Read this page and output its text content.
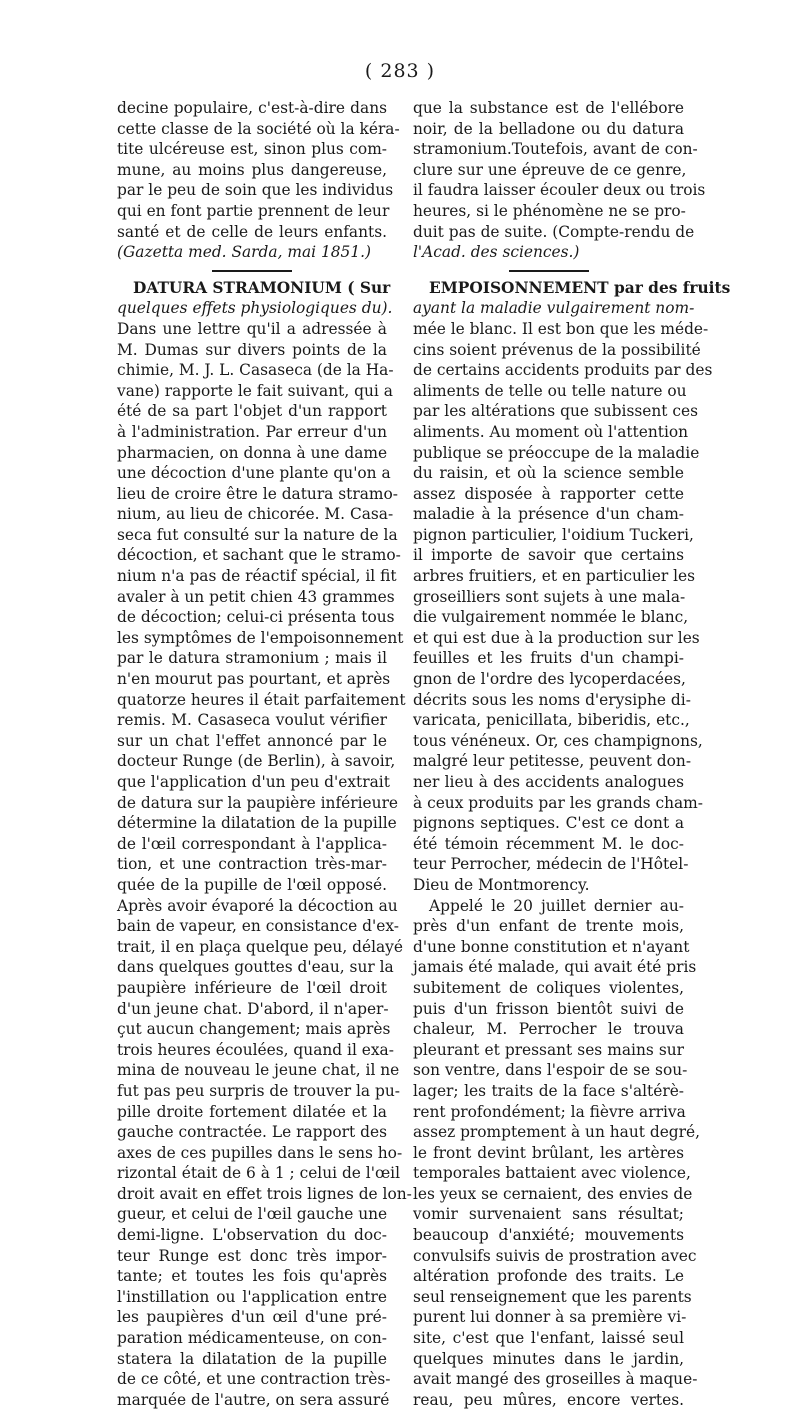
( 283 )
decine populaire, c'est-à-dire dans
cette classe de la société où la kéra-
tite ulcéreuse est, sinon plus com-
mune, au moins plus dangereuse,
par le peu de soin que les individus
qui en font partie prennent de leur
santé et de celle de leurs enfants.
(Gazetta med. Sarda, mai 1851.)
DATURA STRAMONIUM ( Sur
quelques effets physiologiques du).
Dans une lettre qu'il a adressée à
M. Dumas sur divers points de la
chimie, M. J. L. Casaseca (de la Ha-
vane) rapporte le fait suivant, qui a
été de sa part l'objet d'un rapport
à l'administration. Par erreur d'un
pharmacien, on donna à une dame
une décoction d'une plante qu'on a
lieu de croire être le datura stramo-
nium, au lieu de chicorée. M. Casa-
seca fut consulté sur la nature de la
décoction, et sachant que le stramo-
nium n'a pas de réactif spécial, il fit
avaler à un petit chien 43 grammes
de décoction; celui-ci présenta tous
les symptômes de l'empoisonnement
par le datura stramonium ; mais il
n'en mourut pas pourtant, et après
quatorze heures il était parfaitement
remis. M. Casaseca voulut vérifier
sur un chat l'effet annoncé par le
docteur Runge (de Berlin), à savoir,
que l'application d'un peu d'extrait
de datura sur la paupière inférieure
détermine la dilatation de la pupille
de l'œil correspondant à l'applica-
tion, et une contraction très-mar-
quée de la pupille de l'œil opposé.
Après avoir évaporé la décoction au
bain de vapeur, en consistance d'ex-
trait, il en plaça quelque peu, délayé
dans quelques gouttes d'eau, sur la
paupière inférieure de l'œil droit
d'un jeune chat. D'abord, il n'aper-
çut aucun changement; mais après
trois heures écoulées, quand il exa-
mina de nouveau le jeune chat, il ne
fut pas peu surpris de trouver la pu-
pille droite fortement dilatée et la
gauche contractée. Le rapport des
axes de ces pupilles dans le sens ho-
rizontal était de 6 à 1 ; celui de l'œil
droit avait en effet trois lignes de lon-
gueur, et celui de l'œil gauche une
demi-ligne. L'observation du doc-
teur Runge est donc très impor-
tante; et toutes les fois qu'après
l'instillation ou l'application entre
les paupières d'un œil d'une pré-
paration médicamenteuse, on con-
statera la dilatation de la pupille
de ce côté, et une contraction très-
marquée de l'autre, on sera assuré
que la substance est de l'ellébore
noir, de la belladone ou du datura
stramonium.Toutefois, avant de con-
clure sur une épreuve de ce genre,
il faudra laisser écouler deux ou trois
heures, si le phénomène ne se pro-
duit pas de suite. (Compte-rendu de
l'Acad. des sciences.)
EMPOISONNEMENT par des fruits
ayant la maladie vulgairement nom-
mée le blanc. Il est bon que les méde-
cins soient prévenus de la possibilité
de certains accidents produits par des
aliments de telle ou telle nature ou
par les altérations que subissent ces
aliments. Au moment où l'attention
publique se préoccupe de la maladie
du raisin, et où la science semble
assez disposée à rapporter cette
maladie à la présence d'un cham-
pignon particulier, l'oidium Tuckeri,
il importe de savoir que certains
arbres fruitiers, et en particulier les
groseilliers sont sujets à une mala-
die vulgairement nommée le blanc,
et qui est due à la production sur les
feuilles et les fruits d'un champi-
gnon de l'ordre des lycoperdacées,
décrits sous les noms d'erysiphe di-
varicata, penicillata, biberidis, etc.,
tous vénéneux. Or, ces champignons,
malgré leur petitesse, peuvent don-
ner lieu à des accidents analogues
à ceux produits par les grands cham-
pignons septiques. C'est ce dont a
été témoin récemment M. le doc-
teur Perrocher, médecin de l'Hôtel-
Dieu de Montmorency.
Appelé le 20 juillet dernier au-
près d'un enfant de trente mois,
d'une bonne constitution et n'ayant
jamais été malade, qui avait été pris
subitement de coliques violentes,
puis d'un frisson bientôt suivi de
chaleur, M. Perrocher le trouva
pleurant et pressant ses mains sur
son ventre, dans l'espoir de se sou-
lager; les traits de la face s'altérè-
rent profondément; la fièvre arriva
assez promptement à un haut degré,
le front devint brûlant, les artères
temporales battaient avec violence,
les yeux se cernaient, des envies de
vomir survenaient sans résultat;
beaucoup d'anxiété; mouvements
convulsifs suivis de prostration avec
altération profonde des traits. Le
seul renseignement que les parents
purent lui donner à sa première vi-
site, c'est que l'enfant, laissé seul
quelques minutes dans le jardin,
avait mangé des groseilles à maque-
reau, peu mûres, encore vertes.
